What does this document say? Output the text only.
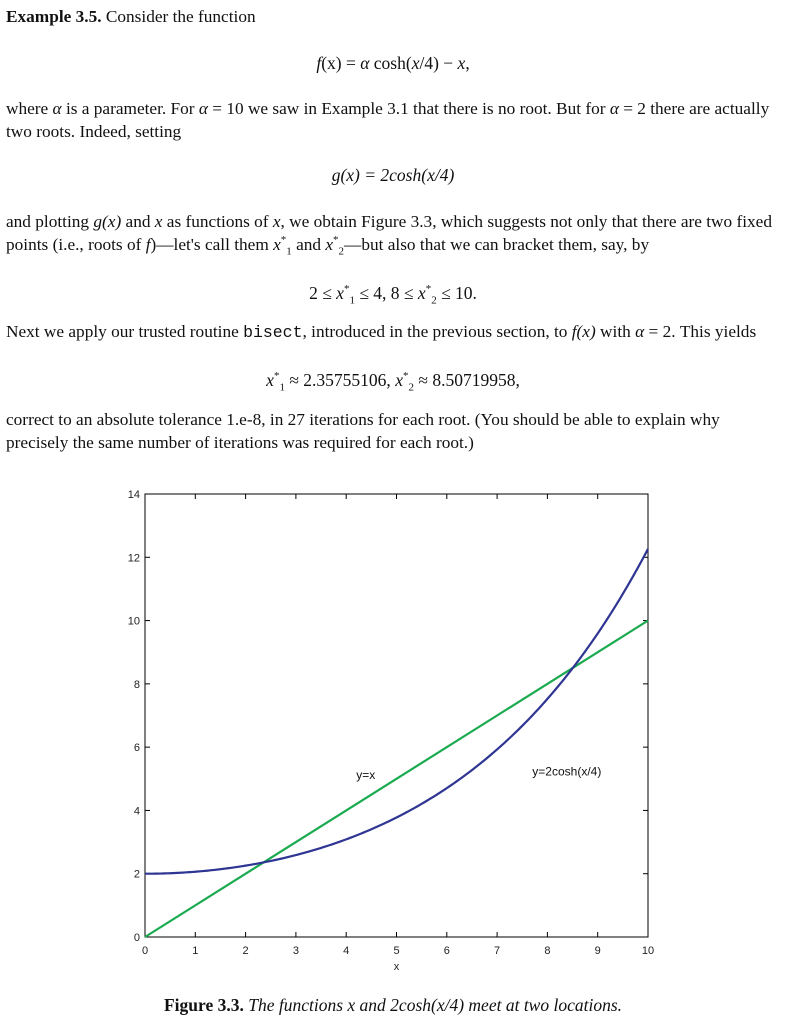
Example 3.5. Consider the function

f(x) = α cosh(x/4) − x,

where α is a parameter. For α = 10 we saw in Example 3.1 that there is no root. But for α = 2 there are actually two roots. Indeed, setting

g(x) = 2cosh(x/4)

and plotting g(x) and x as functions of x, we obtain Figure 3.3, which suggests not only that there are two fixed points (i.e., roots of f)—let's call them $x^*_1$ and $x^*_2—but$ also that we can bracket them, say, by

$2 \le x^*_1 \le 4$, $8 \le x^*_2 \le 10$.

Next we apply our trusted routine bisect, introduced in the previous section, to f(x) with α = 2. This yields

$x^*_1 \approx 2.35755106$, $x^*_2 \approx 8.50719958$,

correct to an absolute tolerance 1.e-8, in 27 iterations for each root. (You should be able to explain why precisely the same number of iterations was required for each root.)

0	1	2	3	4	5	6	7	8	9	10
0
2
4
6
8
10
12
14
x
y=x	y=2cosh(x/4)
Figure 3.3. The functions x and 2cosh(x/4) meet at two locations.
